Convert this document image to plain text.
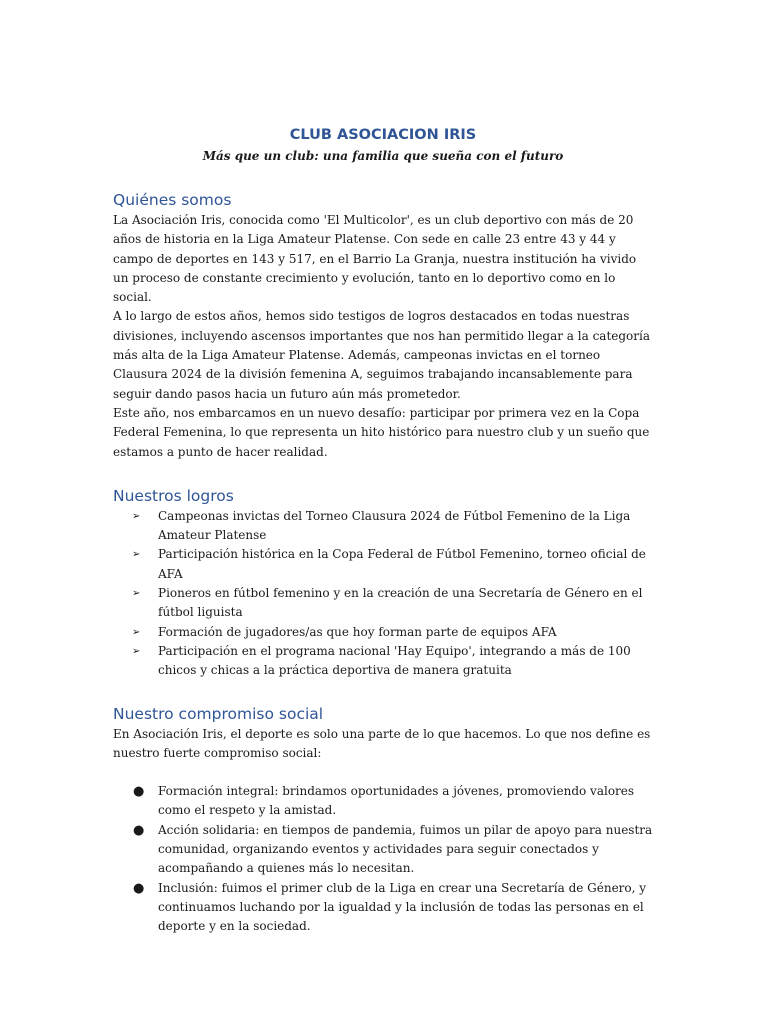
CLUB ASOCIACION IRIS

Más que un club: una familia que sueña con el futuro

Quiénes somos

La Asociación Iris, conocida como 'El Multicolor', es un club deportivo con más de 20 años de historia en la Liga Amateur Platense. Con sede en calle 23 entre 43 y 44 y campo de deportes en 143 y 517, en el Barrio La Granja, nuestra institución ha vivido un proceso de constante crecimiento y evolución, tanto en lo deportivo como en lo social.

A lo largo de estos años, hemos sido testigos de logros destacados en todas nuestras divisiones, incluyendo ascensos importantes que nos han permitido llegar a la categoría más alta de la Liga Amateur Platense. Además, campeonas invictas en el torneo Clausura 2024 de la división femenina A, seguimos trabajando incansablemente para seguir dando pasos hacia un futuro aún más prometedor.

Este año, nos embarcamos en un nuevo desafío: participar por primera vez en la Copa Federal Femenina, lo que representa un hito histórico para nuestro club y un sueño que estamos a punto de hacer realidad.

Nuestros logros
➢ Campeonas invictas del Torneo Clausura 2024 de Fútbol Femenino de la Liga Amateur Platense
➢ Participación histórica en la Copa Federal de Fútbol Femenino, torneo oficial de AFA
➢ Pioneros en fútbol femenino y en la creación de una Secretaría de Género en el fútbol liguista
➢ Formación de jugadores/as que hoy forman parte de equipos AFA
➢ Participación en el programa nacional 'Hay Equipo', integrando a más de 100 chicos y chicas a la práctica deportiva de manera gratuita
Nuestro compromiso social

En Asociación Iris, el deporte es solo una parte de lo que hacemos. Lo que nos define es nuestro fuerte compromiso social:

● Formación integral: brindamos oportunidades a jóvenes, promoviendo valores como el respeto y la amistad.
● Acción solidaria: en tiempos de pandemia, fuimos un pilar de apoyo para nuestra comunidad, organizando eventos y actividades para seguir conectados y acompañando a quienes más lo necesitan.
● Inclusión: fuimos el primer club de la Liga en crear una Secretaría de Género, y continuamos luchando por la igualdad y la inclusión de todas las personas en el deporte y en la sociedad.
